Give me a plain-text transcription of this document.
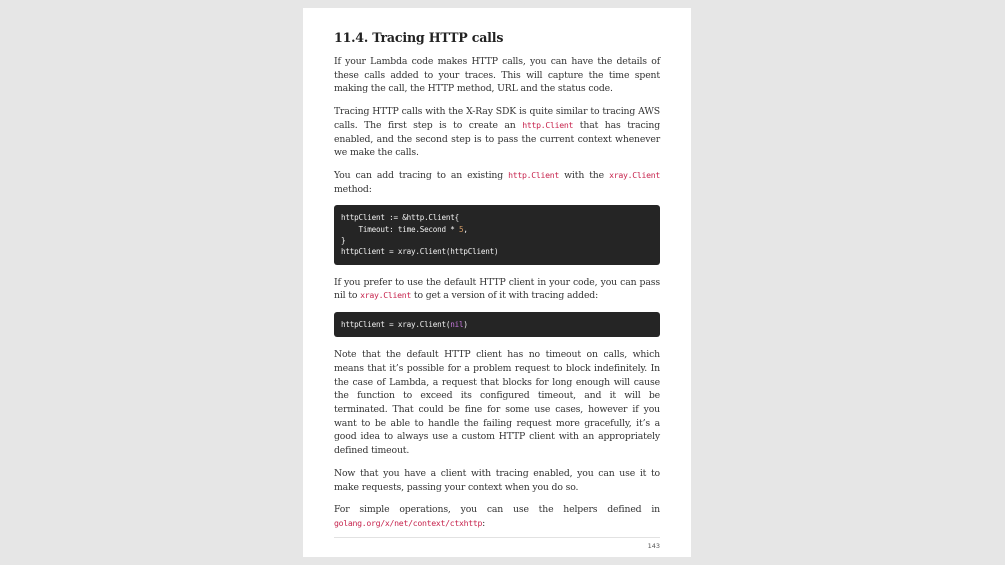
11.4. Tracing HTTP calls

If your Lambda code makes HTTP calls, you can have the details of these calls added to your traces. This will capture the time spent making the call, the HTTP method, URL and the status code.

Tracing HTTP calls with the X-Ray SDK is quite similar to tracing AWS calls. The first step is to create an http.Client that has tracing enabled, and the second step is to pass the current context whenever we make the calls.

You can add tracing to an existing http.Client with the xray.Client method:

httpClient := &http.Client{
Timeout: time.Second * 5,
}
httpClient = xray.Client(httpClient)

If you prefer to use the default HTTP client in your code, you can pass nil to xray.Client to get a version of it with tracing added:

httpClient = xray.Client(nil)

Note that the default HTTP client has no timeout on calls, which means that it’s possible for a problem request to block indefinitely. In the case of Lambda, a request that blocks for long enough will cause the function to exceed its configured timeout, and it will be terminated. That could be fine for some use cases, however if you want to be able to handle the failing request more gracefully, it’s a good idea to always use a custom HTTP client with an appropriately defined timeout.

Now that you have a client with tracing enabled, you can use it to make requests, passing your context when you do so.

For simple operations, you can use the helpers defined in golang.org/x/net/context/ctxhttp:

143
